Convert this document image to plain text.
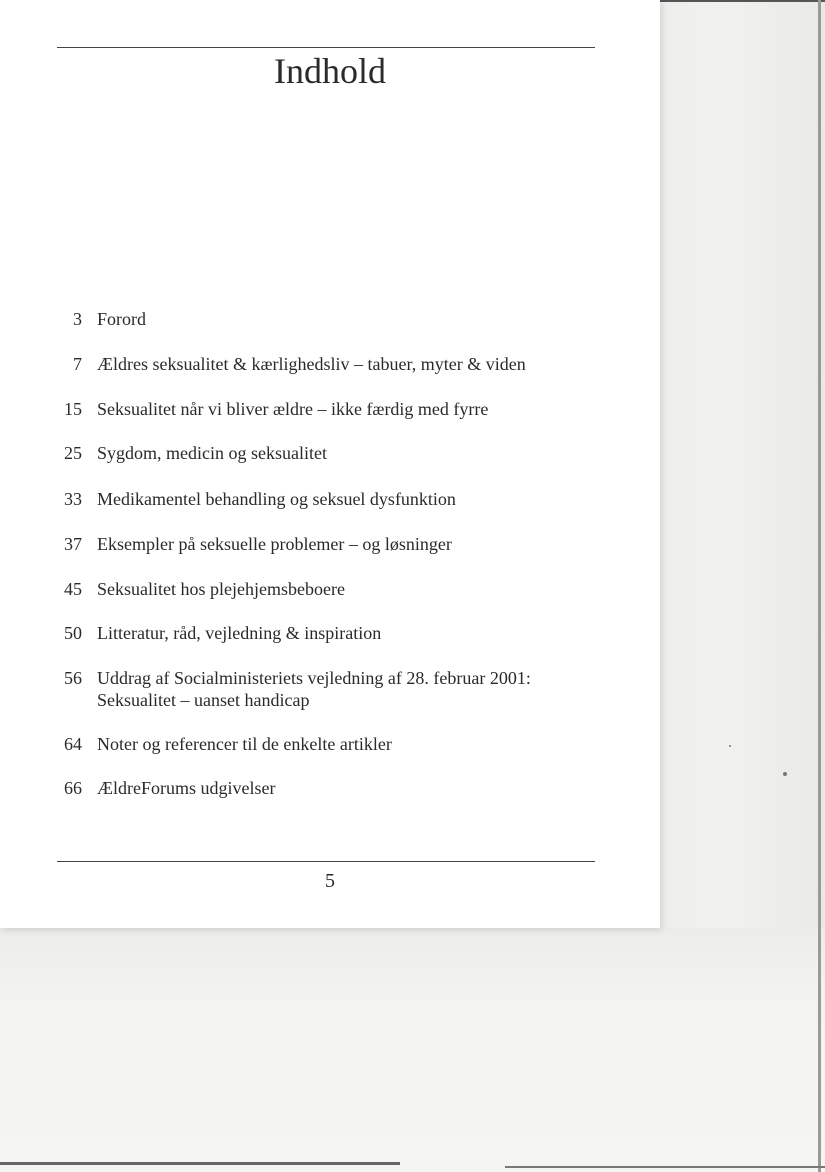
Indhold
3 Forord
7 Ældres seksualitet & kærlighedsliv – tabuer, myter & viden
15 Seksualitet når vi bliver ældre – ikke færdig med fyrre
25 Sygdom, medicin og seksualitet
33 Medikamentel behandling og seksuel dysfunktion
37 Eksempler på seksuelle problemer – og løsninger
45 Seksualitet hos plejehjemsbeboere
50 Litteratur, råd, vejledning & inspiration
56 Uddrag af Socialministeriets vejledning af 28. februar 2001:
Seksualitet – uanset handicap
64 Noter og referencer til de enkelte artikler
66 ÆldreForums udgivelser
5
